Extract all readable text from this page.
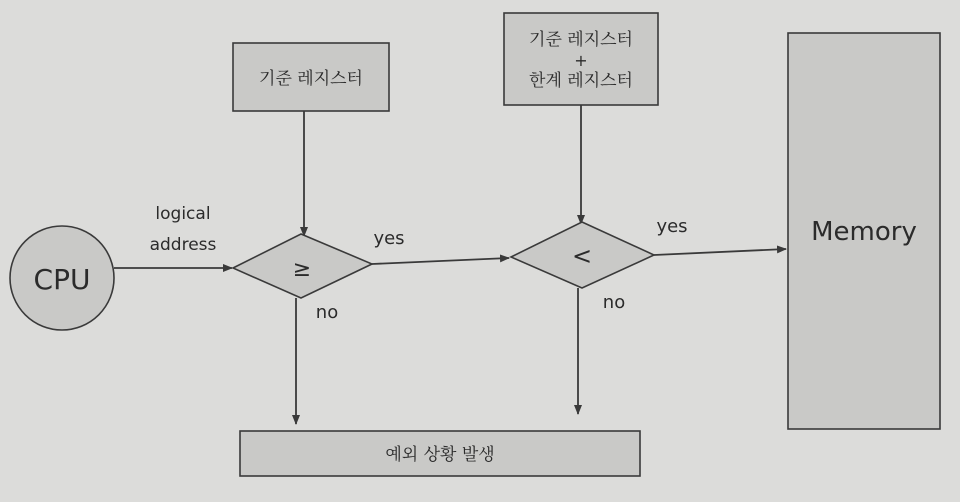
CPU
logical
address
기준 레지스터
기준 레지스터
+
한계 레지스터
Memory
예외 상황 발생
≥	<
yes
no
yes
no
